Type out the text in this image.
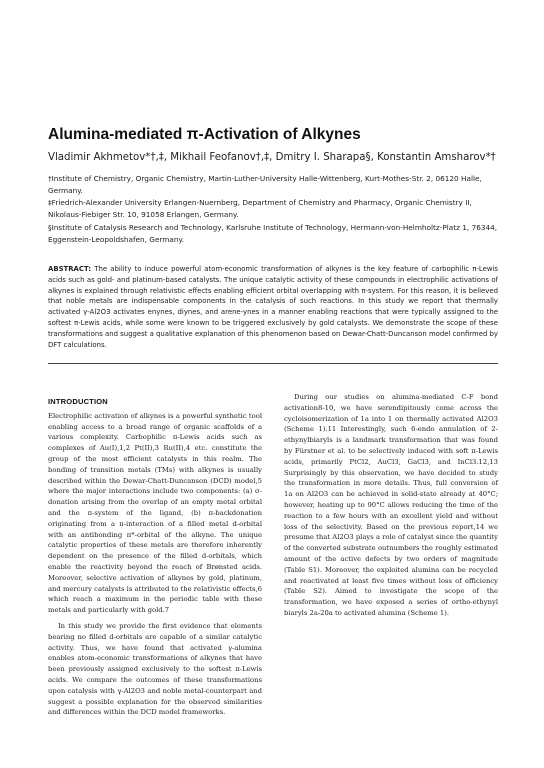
Alumina-mediated π-Activation of Alkynes
Vladimir Akhmetov*†,‡, Mikhail Feofanov†,‡, Dmitry I. Sharapa§, Konstantin Amsharov*†
†Institute of Chemistry, Organic Chemistry, Martin-Luther-University Halle-Wittenberg, Kurt-Mothes-Str. 2, 06120 Halle, Germany.
‡Friedrich-Alexander University Erlangen-Nuernberg, Department of Chemistry and Pharmacy, Organic Chemistry II, Nikolaus-Fiebiger Str. 10, 91058 Erlangen, Germany.
§Institute of Catalysis Research and Technology, Karlsruhe Institute of Technology, Hermann-von-Helmholtz-Platz 1, 76344, Eggenstein-Leopoldshafen, Germany.
ABSTRACT: The ability to induce powerful atom-economic transformation of alkynes is the key feature of carbophilic π-Lewis acids such as gold- and platinum-based catalysts. The unique catalytic activity of these compounds in electrophilic activations of alkynes is explained through relativistic effects enabling efficient orbital overlapping with π-system. For this reason, it is believed that noble metals are indispensable components in the catalysis of such reactions. In this study we report that thermally activated γ-Al2O3 activates enynes, diynes, and arene-ynes in a manner enabling reactions that were typically assigned to the softest π-Lewis acids, while some were known to be triggered exclusively by gold catalysts. We demonstrate the scope of these transformations and suggest a qualitative explanation of this phenomenon based on Dewar-Chatt-Duncanson model confirmed by DFT calculations.
INTRODUCTION

Electrophilic activation of alkynes is a powerful synthetic tool enabling access to a broad range of organic scaffolds of a various complexity. Carbophilic π-Lewis acids such as complexes of Au(I),1,2 Pt(II),3 Ru(II),4 etc. constitute the group of the most efficient catalysts in this realm. The bonding of transition metals (TMs) with alkynes is usually described within the Dewar-Chatt-Duncanson (DCD) model,5 where the major interactions include two components: (a) σ-donation arising from the overlap of an empty metal orbital and the π-system of the ligand, (b) π-backdonation originating from a π-interaction of a filled metal d-orbital with an antibonding π*-orbital of the alkyne. The unique catalytic properties of these metals are therefore inherently dependent on the presence of the filled d-orbitals, which enable the reactivity beyond the reach of Brønsted acids. Moreover, selective activation of alkynes by gold, platinum, and mercury catalysts is attributed to the relativistic effects,6 which reach a maximum in the periodic table with these metals and particularly with gold.7

In this study we provide the first evidence that elements bearing no filled d-orbitals are capable of a similar catalytic activity. Thus, we have found that activated γ-alumina enables atom-economic transformations of alkynes that have been previously assigned exclusively to the softest π-Lewis acids. We compare the outcomes of these transformations upon catalysis with γ-Al2O3 and noble metal-counterpart and suggest a possible explanation for the observed similarities and differences within the DCD model frameworks.

During our studies on alumina-mediated C-F bond activation8-10, we have serendipitously come across the cycloisomerization of 1a into 1 on thermally activated Al2O3 (Scheme 1).11 Interestingly, such 6-endo annulation of 2-ethynylbiaryls is a landmark transformation that was found by Fürstner et al. to be selectively induced with soft π-Lewis acids, primarily PtCl2, AuCl3, GaCl3, and InCl3.12,13 Surprisingly by this observation, we have decided to study the transformation in more details. Thus, full conversion of 1a on Al2O3 can be achieved in solid-state already at 40°C; however, heating up to 90°C allows reducing the time of the reaction to a few hours with an excellent yield and without loss of the selectivity. Based on the previous report,14 we presume that Al2O3 plays a role of catalyst since the quantity of the converted substrate outnumbers the roughly estimated amount of the active defects by two orders of magnitude (Table S1). Moreover, the exploited alumina can be recycled and reactivated at least five times without loss of efficiency (Table S2). Aimed to investigate the scope of the transformation, we have exposed a series of ortho-ethynyl biaryls 2a-20a to activated alumina (Scheme 1).
